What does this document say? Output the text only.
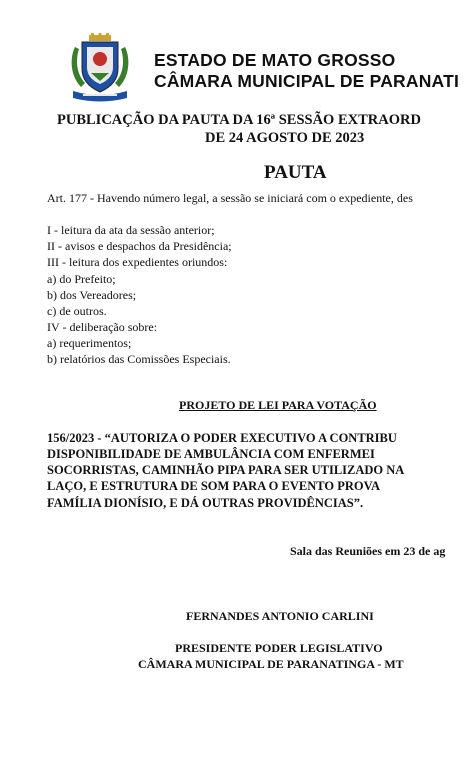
ESTADO DE MATO GROSSO
CÂMARA MUNICIPAL DE PARANATI
PUBLICAÇÃO DA PAUTA DA 16ª SESSÃO EXTRAORD
DE 24 AGOSTO DE 2023
PAUTA
Art. 177 - Havendo número legal, a sessão se iniciará com o expediente, des
I - leitura da ata da sessão anterior;
II - avisos e despachos da Presidência;
III - leitura dos expedientes oriundos:
a) do Prefeito;
b) dos Vereadores;
c) de outros.
IV - deliberação sobre:
a) requerimentos;
b) relatórios das Comissões Especiais.
PROJETO DE LEI PARA VOTAÇÃO
156/2023 - “AUTORIZA O PODER EXECUTIVO A CONTRIBU
DISPONIBILIDADE DE AMBULÂNCIA COM ENFERMEI
SOCORRISTAS, CAMINHÃO PIPA PARA SER UTILIZADO NA
LAÇO, E ESTRUTURA DE SOM PARA O EVENTO PROVA
FAMÍLIA DIONÍSIO, E DÁ OUTRAS PROVIDÊNCIAS”.
Sala das Reuniões em 23 de ag
FERNANDES ANTONIO CARLINI
PRESIDENTE PODER LEGISLATIVO
CÂMARA MUNICIPAL DE PARANATINGA - MT
